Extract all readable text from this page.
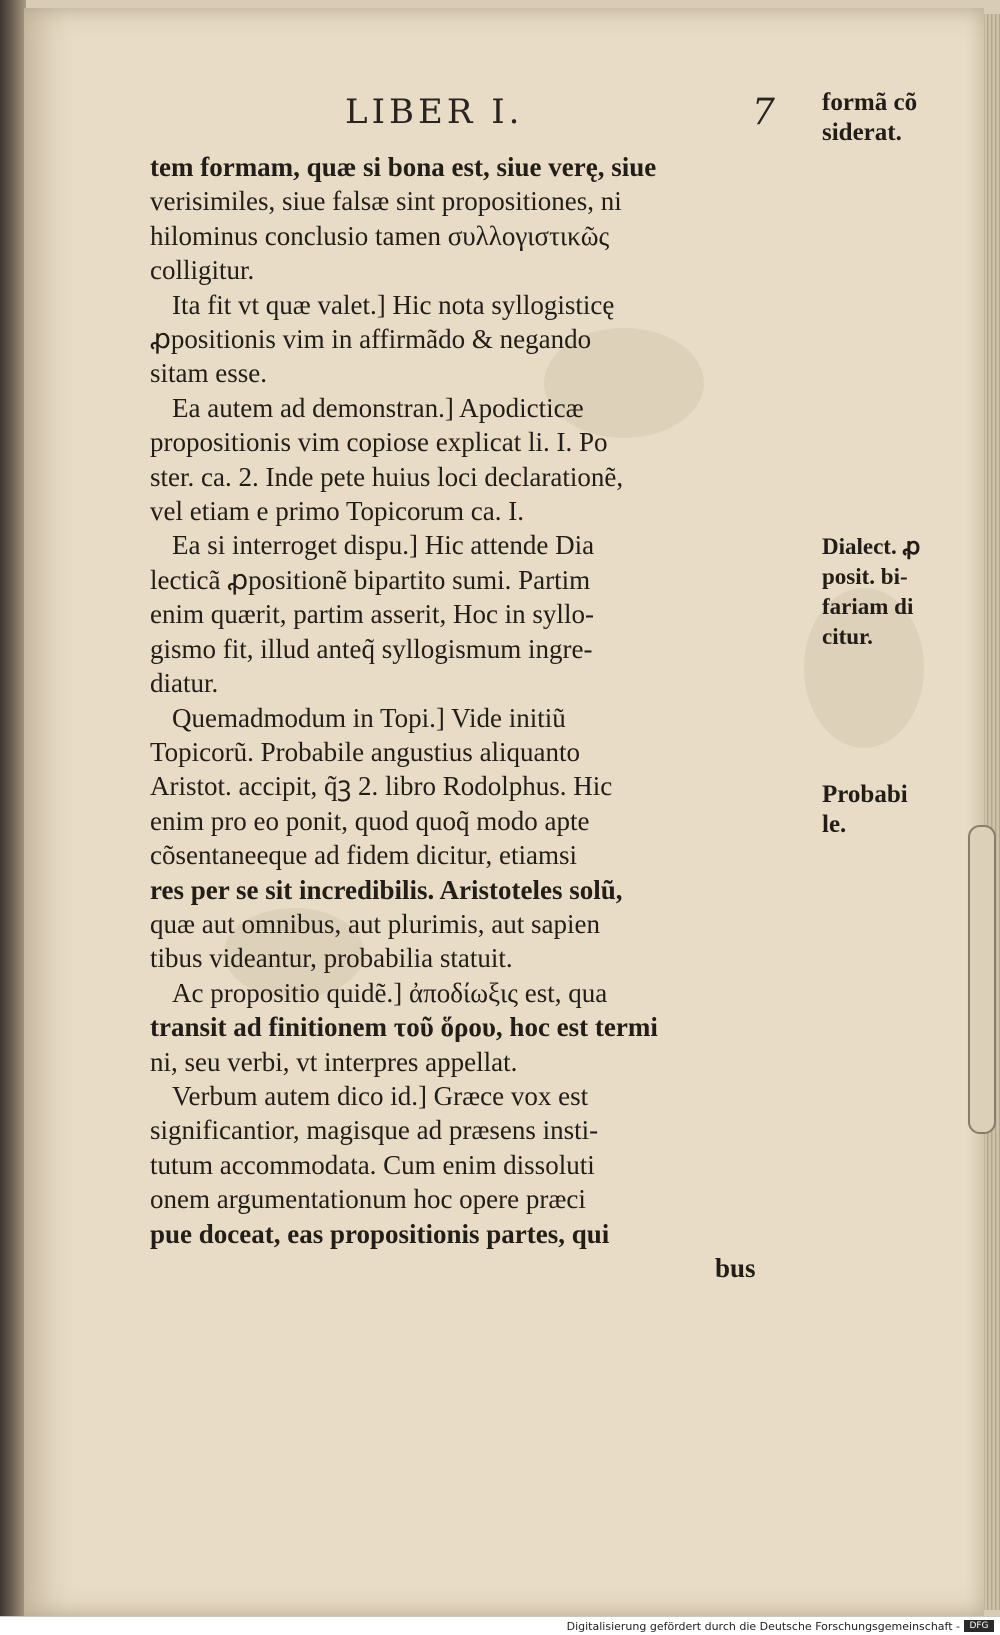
LIBER I.	7
tem formam, quæ si bona est, siue verę, siue
verisimiles, siue falsæ sint propositiones, ni
hilominus conclusio tamen συλλογιστικῶς
colligitur.
Ita fit vt quæ valet.] Hic nota syllogisticę
ꝓpositionis vim in affirmãdo & negando
sitam esse.
Ea autem ad demonstran.] Apodicticæ
propositionis vim copiose explicat li. I. Po
ster. ca. 2. Inde pete huius loci declarationẽ,
vel etiam e primo Topicorum ca. I.
Ea si interroget dispu.] Hic attende Dia
lecticã ꝓpositionẽ bipartito sumi. Partim
enim quærit, partim asserit, Hoc in syllo-
gismo fit, illud anteq̃ syllogismum ingre-
diatur.
Quemadmodum in Topi.] Vide initiũ
Topicorũ. Probabile angustius aliquanto
Aristot. accipit, q̃ꝫ 2. libro Rodolphus. Hic
enim pro eo ponit, quod quoq̃ modo apte
cõsentaneeque ad fidem dicitur, etiamsi
res per se sit incredibilis. Aristoteles solũ,
quæ aut omnibus, aut plurimis, aut sapien
tibus videantur, probabilia statuit.
Ac propositio quidẽ.] ἀποδίωξις est, qua
transit ad finitionem τοῦ ὅρου, hoc est termi
ni, seu verbi, vt interpres appellat.
Verbum autem dico id.] Græce vox est
significantior, magisque ad præsens insti-
tutum accommodata. Cum enim dissoluti
onem argumentationum hoc opere præci
pue doceat, eas propositionis partes, qui
bus
formã cõ
siderat.
Dialect. ꝓ
posit. bi-
fariam di
citur.
Probabi
le.
Digitalisierung gefördert durch die Deutsche Forschungsgemeinschaft -	DFG
